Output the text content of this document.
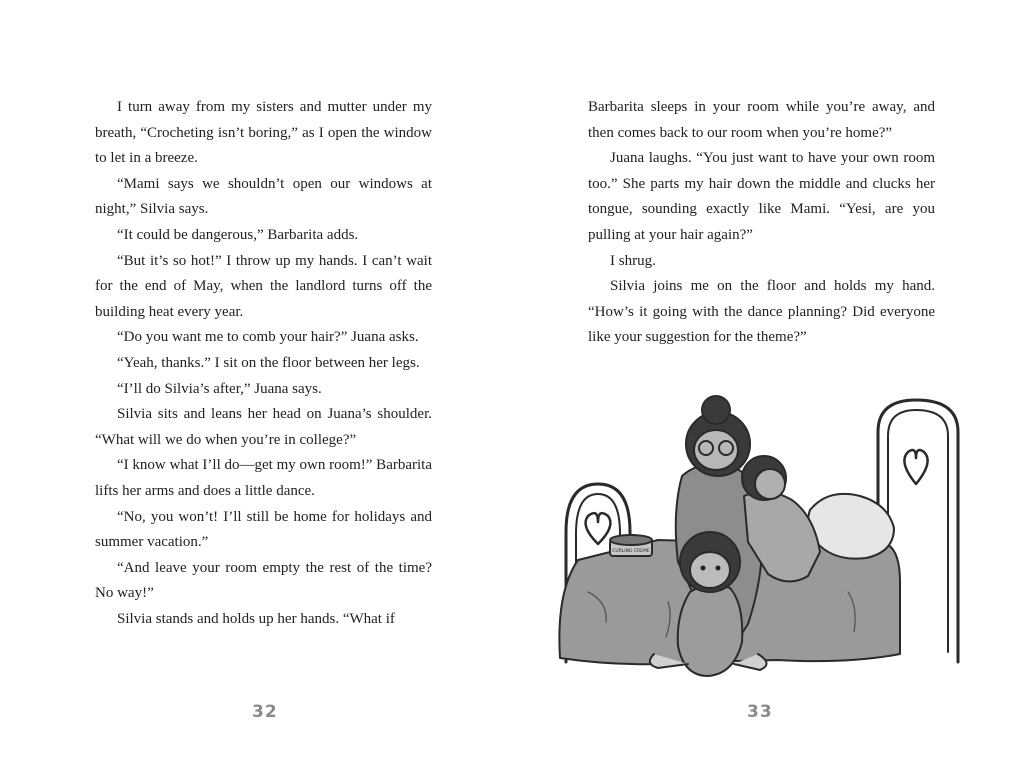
I turn away from my sisters and mutter under my breath, “Crocheting isn’t boring,” as I open the window to let in a breeze.

“Mami says we shouldn’t open our windows at night,” Silvia says.

“It could be dangerous,” Barbarita adds.

“But it’s so hot!” I throw up my hands. I can’t wait for the end of May, when the landlord turns off the building heat every year.

“Do you want me to comb your hair?” Juana asks.

“Yeah, thanks.” I sit on the floor between her legs.

“I’ll do Silvia’s after,” Juana says.

Silvia sits and leans her head on Juana’s shoulder. “What will we do when you’re in college?”

“I know what I’ll do—get my own room!” Barbarita lifts her arms and does a little dance.

“No, you won’t! I’ll still be home for holidays and summer vacation.”

“And leave your room empty the rest of the time? No way!”

Silvia stands and holds up her hands. “What if

32

Barbarita sleeps in your room while you’re away, and then comes back to our room when you’re home?”

Juana laughs. “You just want to have your own room too.” She parts my hair down the middle and clucks her tongue, sounding exactly like Mami. “Yesi, are you pulling at your hair again?”

I shrug.

Silvia joins me on the floor and holds my hand. “How’s it going with the dance planning? Did everyone like your suggestion for the theme?”

CURLING CREME
33
